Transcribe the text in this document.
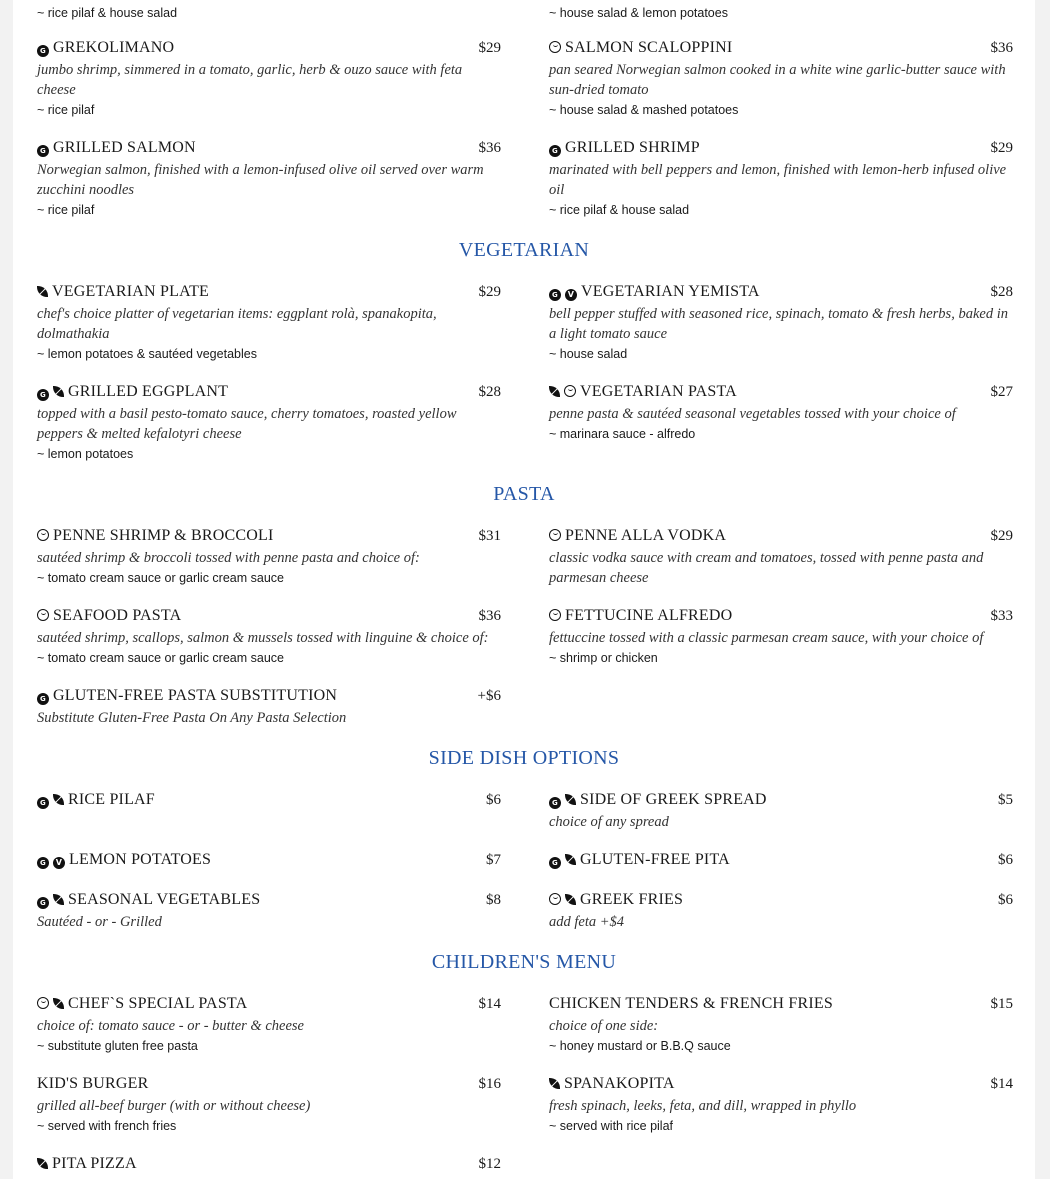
~ rice pilaf & house salad	~ house salad & lemon potatoes
G GREKOLIMANO	$29
jumbo shrimp, simmered in a tomato, garlic, herb & ouzo sauce with feta cheese
~ rice pilaf
SALMON SCALOPPINI	$36
pan seared Norwegian salmon cooked in a white wine garlic-butter sauce with sun-dried tomato
~ house salad & mashed potatoes
G GRILLED SALMON	$36
Norwegian salmon, finished with a lemon-infused olive oil served over warm zucchini noodles
~ rice pilaf
G GRILLED SHRIMP	$29
marinated with bell peppers and lemon, finished with lemon-herb infused olive oil
~ rice pilaf & house salad
VEGETARIAN
VEGETARIAN PLATE	$29
chef's choice platter of vegetarian items: eggplant rolà, spanakopita, dolmathakia
~ lemon potatoes & sautéed vegetables
G V VEGETARIAN YEMISTA	$28
bell pepper stuffed with seasoned rice, spinach, tomato & fresh herbs, baked in a light tomato sauce
~ house salad
G GRILLED EGGPLANT	$28
topped with a basil pesto-tomato sauce, cherry tomatoes, roasted yellow peppers & melted kefalotyri cheese
~ lemon potatoes
VEGETARIAN PASTA	$27
penne pasta & sautéed seasonal vegetables tossed with your choice of
~ marinara sauce - alfredo
PASTA
PENNE SHRIMP & BROCCOLI	$31
sautéed shrimp & broccoli tossed with penne pasta and choice of:
~ tomato cream sauce or garlic cream sauce
PENNE ALLA VODKA	$29
classic vodka sauce with cream and tomatoes, tossed with penne pasta and parmesan cheese
SEAFOOD PASTA	$36
sautéed shrimp, scallops, salmon & mussels tossed with linguine & choice of:
~ tomato cream sauce or garlic cream sauce
FETTUCINE ALFREDO	$33
fettuccine tossed with a classic parmesan cream sauce, with your choice of
~ shrimp or chicken
G GLUTEN-FREE PASTA SUBSTITUTION	+$6
Substitute Gluten-Free Pasta On Any Pasta Selection
SIDE DISH OPTIONS
G RICE PILAF	$6	G SIDE OF GREEK SPREAD	$5
choice of any spread
G V LEMON POTATOES	$7	G GLUTEN-FREE PITA	$6
G SEASONAL VEGETABLES	$8
Sautéed - or - Grilled
GREEK FRIES	$6
add feta +$4
CHILDREN'S MENU
CHEF`S SPECIAL PASTA	$14
choice of: tomato sauce - or - butter & cheese
~ substitute gluten free pasta
CHICKEN TENDERS & FRENCH FRIES	$15
choice of one side:
~ honey mustard or B.B.Q sauce
KID'S BURGER	$16
grilled all-beef burger (with or without cheese)
~ served with french fries
SPANAKOPITA	$14
fresh spinach, leeks, feta, and dill, wrapped in phyllo
~ served with rice pilaf
PITA PIZZA	$12
